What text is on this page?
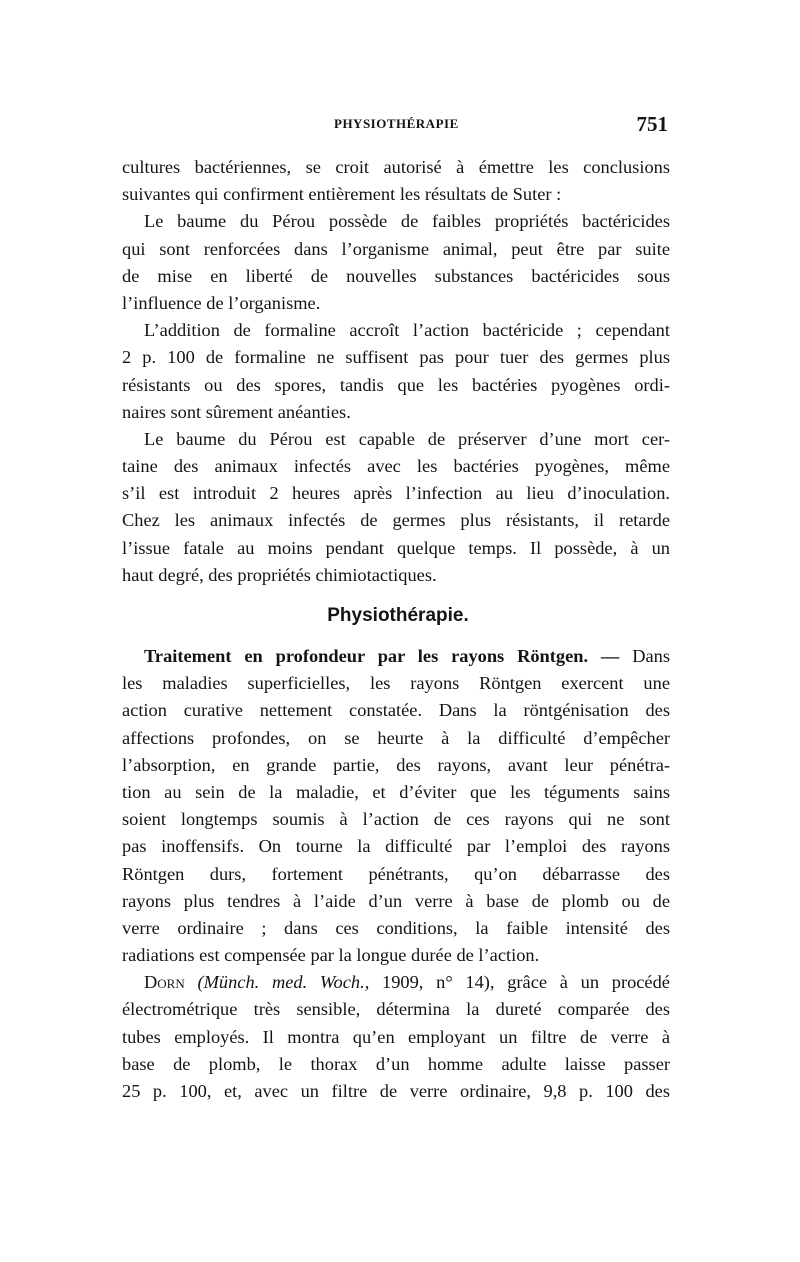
PHYSIOTHÉRAPIE	751
cultures bactériennes, se croit autorisé à émettre les conclusions
suivantes qui confirment entièrement les résultats de Suter :
Le baume du Pérou possède de faibles propriétés bactéricides
qui sont renforcées dans l’organisme animal, peut être par suite
de mise en liberté de nouvelles substances bactéricides sous
l’influence de l’organisme.
L’addition de formaline accroît l’action bactéricide ; cependant
2 p. 100 de formaline ne suffisent pas pour tuer des germes plus
résistants ou des spores, tandis que les bactéries pyogènes ordi-
naires sont sûrement anéanties.
Le baume du Pérou est capable de préserver d’une mort cer-
taine des animaux infectés avec les bactéries pyogènes, même
s’il est introduit 2 heures après l’infection au lieu d’inoculation.
Chez les animaux infectés de germes plus résistants, il retarde
l’issue fatale au moins pendant quelque temps. Il possède, à un
haut degré, des propriétés chimiotactiques.
Physiothérapie.
Traitement en profondeur par les rayons Röntgen. — Dans
les maladies superficielles, les rayons Röntgen exercent une
action curative nettement constatée. Dans la röntgénisation des
affections profondes, on se heurte à la difficulté d’empêcher
l’absorption, en grande partie, des rayons, avant leur pénétra-
tion au sein de la maladie, et d’éviter que les téguments sains
soient longtemps soumis à l’action de ces rayons qui ne sont
pas inoffensifs. On tourne la difficulté par l’emploi des rayons
Röntgen durs, fortement pénétrants, qu’on débarrasse des
rayons plus tendres à l’aide d’un verre à base de plomb ou de
verre ordinaire ; dans ces conditions, la faible intensité des
radiations est compensée par la longue durée de l’action.
Dorn (Münch. med. Woch., 1909, n° 14), grâce à un procédé
électrométrique très sensible, détermina la dureté comparée des
tubes employés. Il montra qu’en employant un filtre de verre à
base de plomb, le thorax d’un homme adulte laisse passer
25 p. 100, et, avec un filtre de verre ordinaire, 9,8 p. 100 des
